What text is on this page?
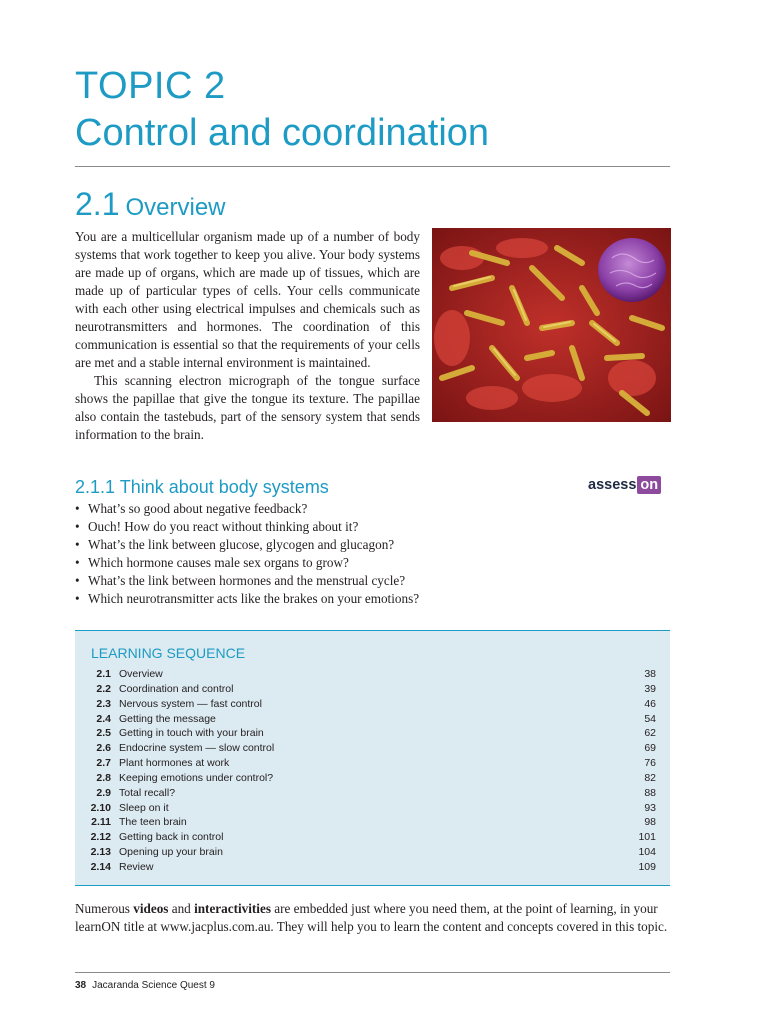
TOPIC 2
Control and coordination
2.1 Overview

You are a multicellular organism made up of a number of body systems that work together to keep you alive. Your body systems are made up of organs, which are made up of tissues, which are made up of particular types of cells. Your cells communicate with each other using electrical impulses and chemicals such as neurotransmitters and hormones. The coordination of this communication is essential so that the requirements of your cells are met and a stable internal environment is maintained.

This scanning electron micrograph of the tongue surface shows the papillae that give the tongue its texture. The papillae also contain the tastebuds, part of the sensory system that sends information to the brain.

2.1.1 Think about body systems	assess on
• What’s so good about negative feedback?
• Ouch! How do you react without thinking about it?
• What’s the link between glucose, glycogen and glucagon?
• Which hormone causes male sex organs to grow?
• What’s the link between hormones and the menstrual cycle?
• Which neurotransmitter acts like the brakes on your emotions?
LEARNING SEQUENCE
2.1 Overview	38
2.2 Coordination and control	39
2.3 Nervous system — fast control	46
2.4 Getting the message	54
2.5 Getting in touch with your brain	62
2.6 Endocrine system — slow control	69
2.7 Plant hormones at work	76
2.8 Keeping emotions under control?	82
2.9 Total recall?	88
2.10 Sleep on it	93
2.11 The teen brain	98
2.12 Getting back in control	101
2.13 Opening up your brain	104
2.14 Review	109
Numerous videos and interactivities are embedded just where you need them, at the point of learning, in your learnON title at www.jacplus.com.au. They will help you to learn the content and concepts covered in this topic.
38 Jacaranda Science Quest 9
